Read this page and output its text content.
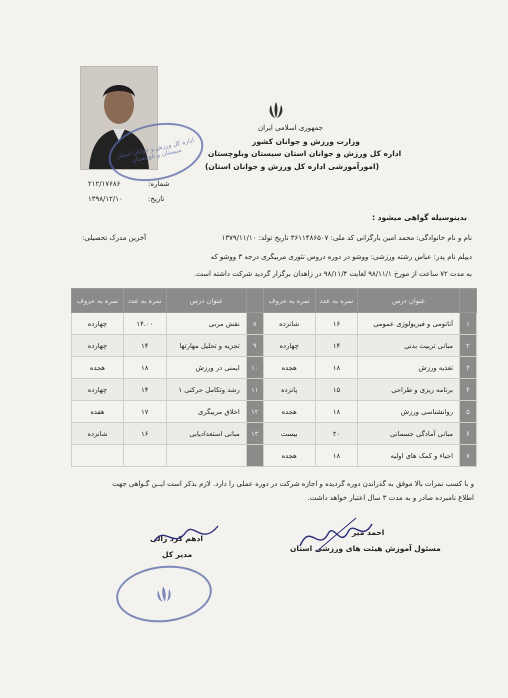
جمهوری اسلامی ایران
وزارت ورزش و جوانان کشور
اداره کل ورزش و جوانان استان سیستان وبلوچستان
(امورآموزشی اداره کل ورزش و جوانان استان)
اداره کل ورزش و جوانان استان سیستان و بلوچستان
شماره:
۲۱۲/۱۷۶۸۶
تاریخ:
۱۳۹۸/۱۲/۱۰
بدینوسیله گواهی میشود :
نام و نام خانوادگی: محمد امین بارگزانی کد ملی: ۳۶۱۱۴۸۶۵۰۷ تاریخ تولد: ۱۳۷۹/۱۱/۱۰
آخرین مدرک تحصیلی:
دیپلم نام پدر: عباس رشته ورزشی: ووشو در دوره دروس تئوری مربیگری درجه ۳ ووشو که
به مدت ۷۲ ساعت از مورخ ۹۸/۱۱/۱ لغایت ۹۸/۱۱/۴ در زاهدان برگزار گردید شرکت داشته است.
	عنوان درس	نمره به عدد	نمره به حروف		عنوان درس	نمره به عدد	نمره به حروف
۱	آناتومی و فیزیولوژی عمومی	۱۶	شانزده	۸	نقش مربی	۱۴.۰۰	چهارده
۲	مبانی تربیت بدنی	۱۴	چهارده	۹	تجزیه و تحلیل مهارتها	۱۴	چهارده
۳	تغذیه ورزش	۱۸	هجده	۱۰	ایمنی در ورزش	۱۸	هجده
۴	برنامه ریزی و طراحی	۱۵	پانزده	۱۱	رشد وتکامل حرکتی ۱	۱۴	چهارده
۵	روانشناسی ورزش	۱۸	هجده	۱۲	اخلاق مربیگری	۱۷	هفده
۶	مبانی آمادگی جسمانی	۲۰	بیست	۱۳	مبانی استعدادیابی	۱۶	شانزده
۷	احیاء و کمک های اولیه	۱۸	هجده				
و با کسب نمرات بالا موفق به گذراندن دوره گردیده و اجازه شرکت در دوره عملی را دارد. لازم بذکر است ایــن گـواهی جهت
اطلاع نامبرده صادر و به مدت ۳ سال اعتبار خواهد داشت.
احمد میر
مسئول آموزش هیئت های ورزشی استان
ادهم کرد زالی
مدیر کل
